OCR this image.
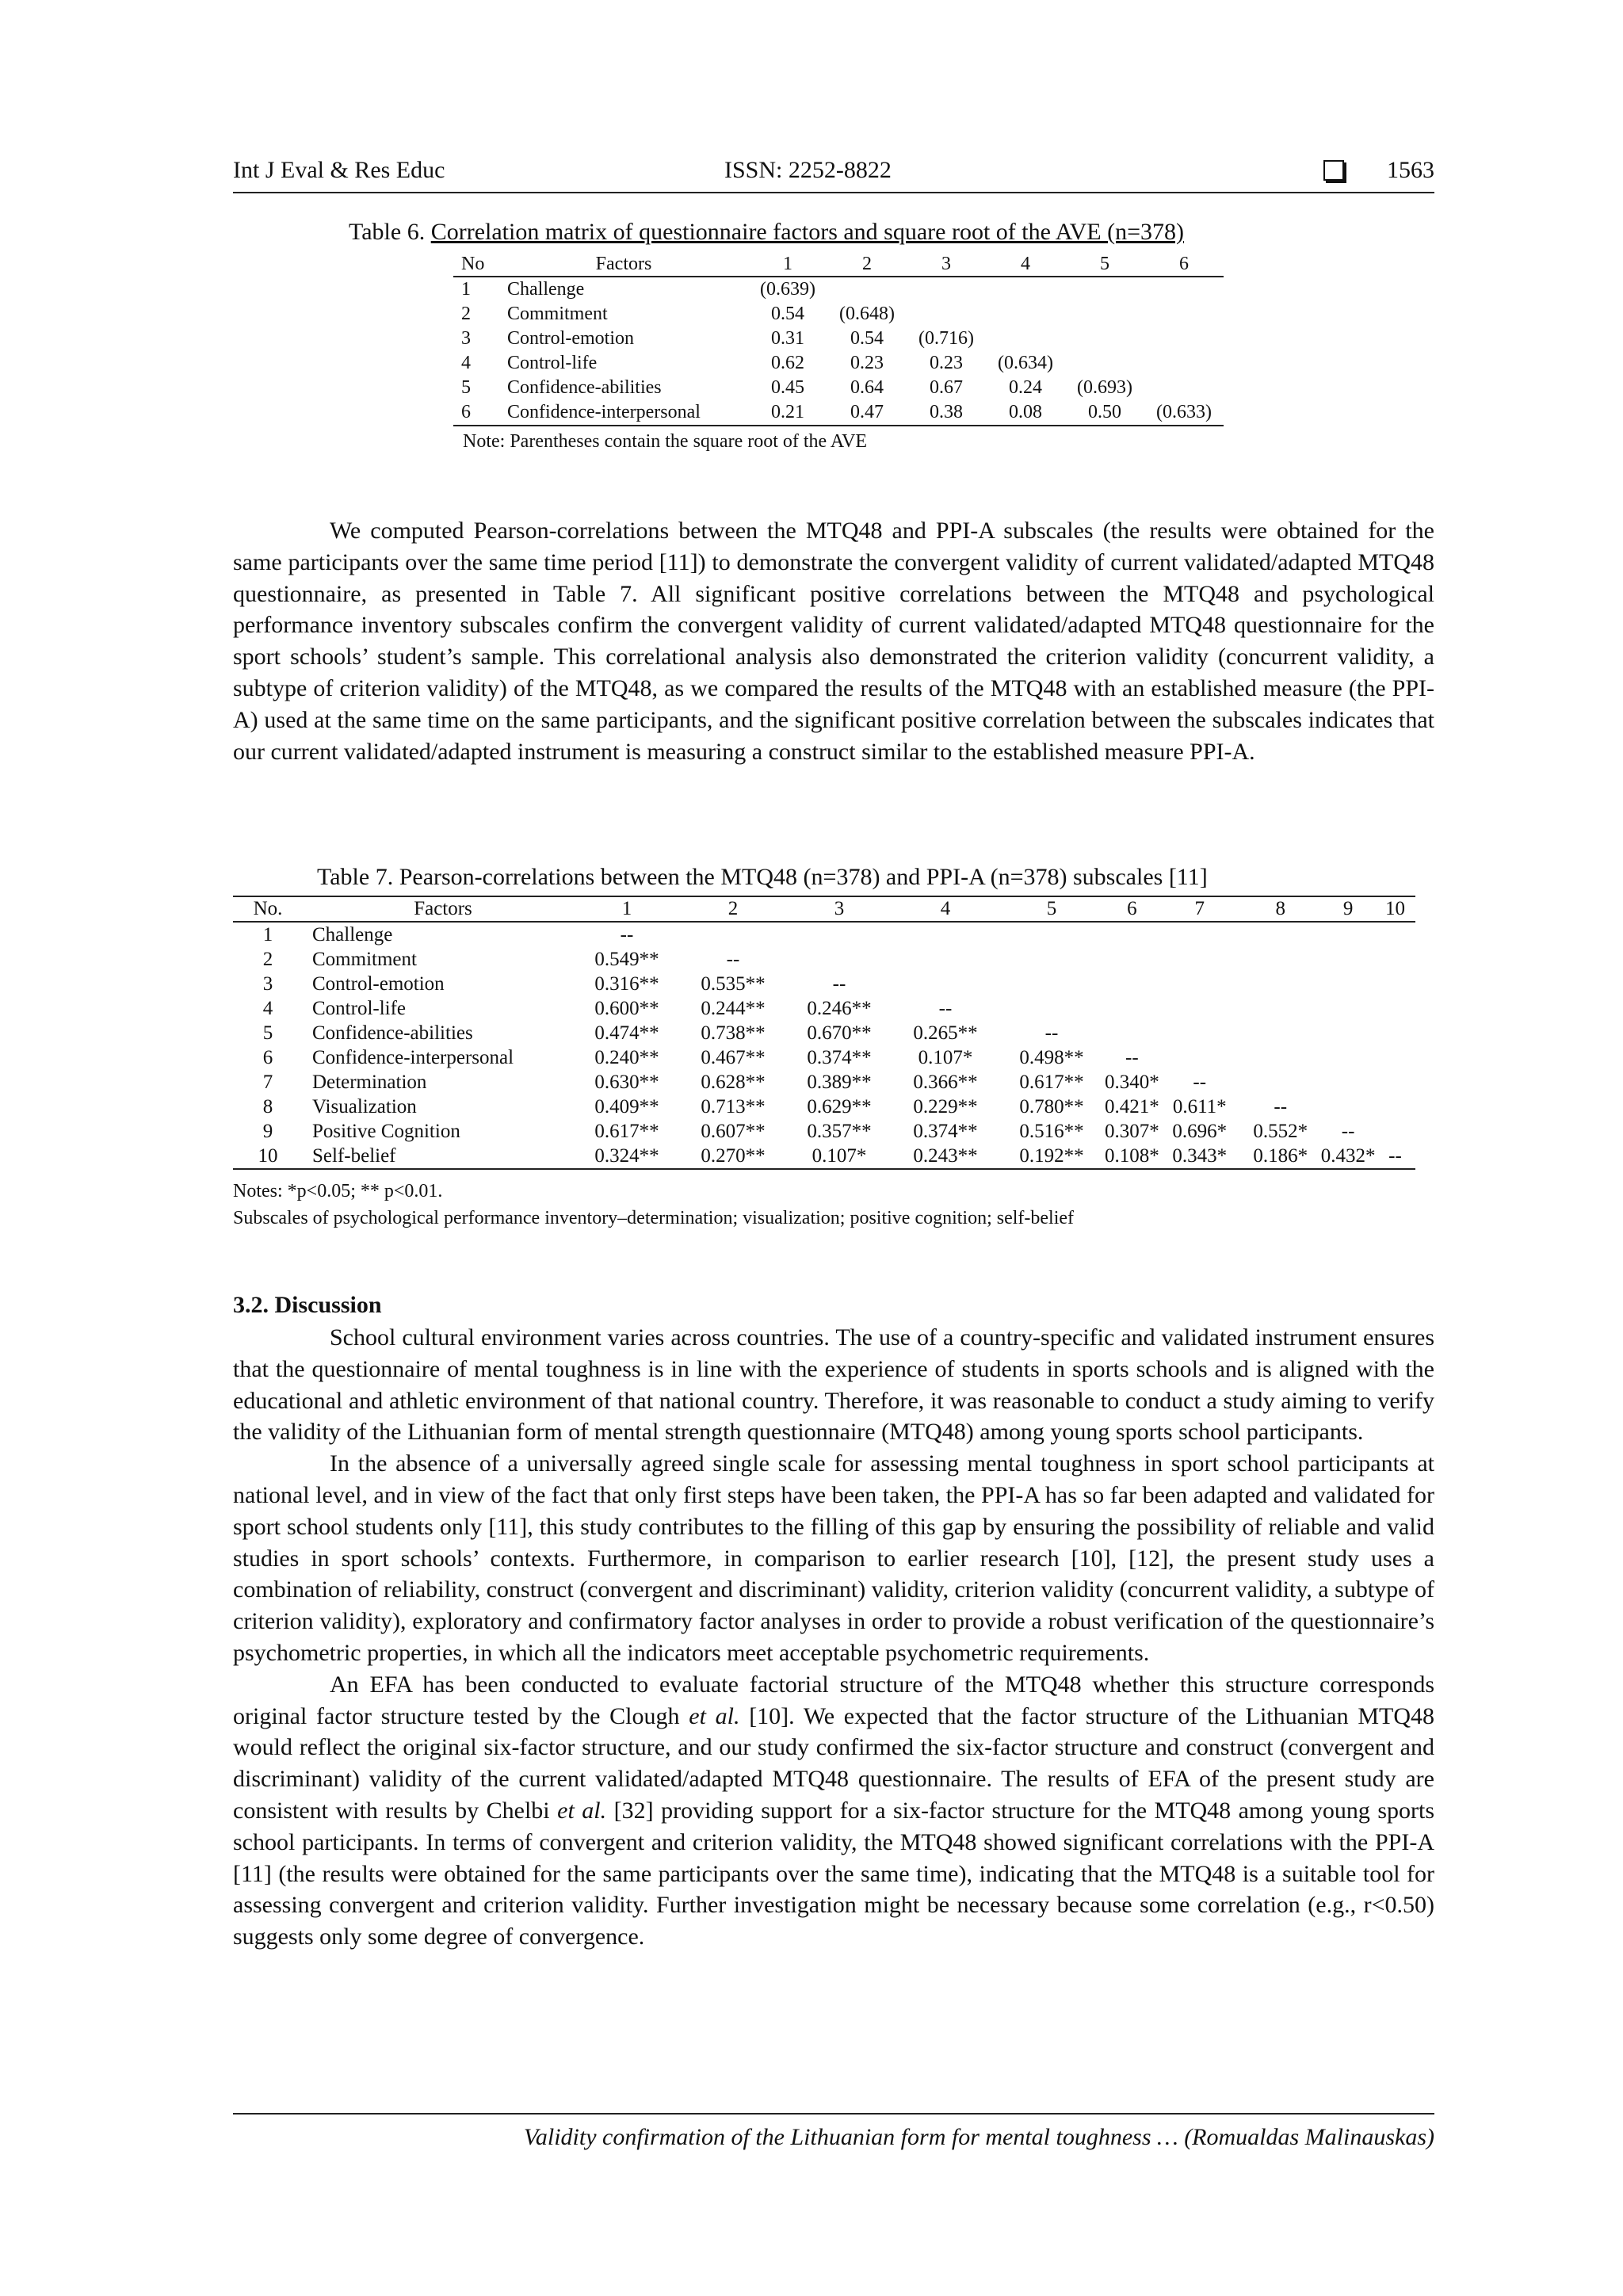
Int J Eval & Res Educ	ISSN: 2252-8822	1563
Table 6. Correlation matrix of questionnaire factors and square root of the AVE (n=378)
No	Factors	1	2	3	4	5	6
1	Challenge	(0.639)					
2	Commitment	0.54	(0.648)				
3	Control-emotion	0.31	0.54	(0.716)			
4	Control-life	0.62	0.23	0.23	(0.634)		
5	Confidence-abilities	0.45	0.64	0.67	0.24	(0.693)	
6	Confidence-interpersonal	0.21	0.47	0.38	0.08	0.50	(0.633)
Note: Parentheses contain the square root of the AVE

We computed Pearson-correlations between the MTQ48 and PPI-A subscales (the results were obtained for the same participants over the same time period [11]) to demonstrate the convergent validity of current validated/adapted MTQ48 questionnaire, as presented in Table 7. All significant positive correlations between the MTQ48 and psychological performance inventory subscales confirm the convergent validity of current validated/adapted MTQ48 questionnaire for the sport schools’ student’s sample. This correlational analysis also demonstrated the criterion validity (concurrent validity, a subtype of criterion validity) of the MTQ48, as we compared the results of the MTQ48 with an established measure (the PPI-A) used at the same time on the same participants, and the significant positive correlation between the subscales indicates that our current validated/adapted instrument is measuring a construct similar to the established measure PPI-A.

Table 7. Pearson-correlations between the MTQ48 (n=378) and PPI-A (n=378) subscales [11]
No.	Factors	1	2	3	4	5	6	7	8	9	10
1	Challenge	--									
2	Commitment	0.549**	--								
3	Control-emotion	0.316**	0.535**	--							
4	Control-life	0.600**	0.244**	0.246**	--						
5	Confidence-abilities	0.474**	0.738**	0.670**	0.265**	--					
6	Confidence-interpersonal	0.240**	0.467**	0.374**	0.107*	0.498**	--				
7	Determination	0.630**	0.628**	0.389**	0.366**	0.617**	0.340*	--			
8	Visualization	0.409**	0.713**	0.629**	0.229**	0.780**	0.421*	0.611*	--		
9	Positive Cognition	0.617**	0.607**	0.357**	0.374**	0.516**	0.307*	0.696*	0.552*	--	
10	Self-belief	0.324**	0.270**	0.107*	0.243**	0.192**	0.108*	0.343*	0.186*	0.432*	--
Notes: *p<0.05; ** p<0.01.
Subscales of psychological performance inventory–determination; visualization; positive cognition; self-belief
3.2. Discussion

School cultural environment varies across countries. The use of a country-specific and validated instrument ensures that the questionnaire of mental toughness is in line with the experience of students in sports schools and is aligned with the educational and athletic environment of that national country. Therefore, it was reasonable to conduct a study aiming to verify the validity of the Lithuanian form of mental strength questionnaire (MTQ48) among young sports school participants.

In the absence of a universally agreed single scale for assessing mental toughness in sport school participants at national level, and in view of the fact that only first steps have been taken, the PPI-A has so far been adapted and validated for sport school students only [11], this study contributes to the filling of this gap by ensuring the possibility of reliable and valid studies in sport schools’ contexts. Furthermore, in comparison to earlier research [10], [12], the present study uses a combination of reliability, construct (convergent and discriminant) validity, criterion validity (concurrent validity, a subtype of criterion validity), exploratory and confirmatory factor analyses in order to provide a robust verification of the questionnaire’s psychometric properties, in which all the indicators meet acceptable psychometric requirements.

An EFA has been conducted to evaluate factorial structure of the MTQ48 whether this structure corresponds original factor structure tested by the Clough et al. [10]. We expected that the factor structure of the Lithuanian MTQ48 would reflect the original six-factor structure, and our study confirmed the six-factor structure and construct (convergent and discriminant) validity of the current validated/adapted MTQ48 questionnaire. The results of EFA of the present study are consistent with results by Chelbi et al. [32] providing support for a six-factor structure for the MTQ48 among young sports school participants. In terms of convergent and criterion validity, the MTQ48 showed significant correlations with the PPI-A [11] (the results were obtained for the same participants over the same time), indicating that the MTQ48 is a suitable tool for assessing convergent and criterion validity. Further investigation might be necessary because some correlation (e.g., r<0.50) suggests only some degree of convergence.

Validity confirmation of the Lithuanian form for mental toughness … (Romualdas Malinauskas)
